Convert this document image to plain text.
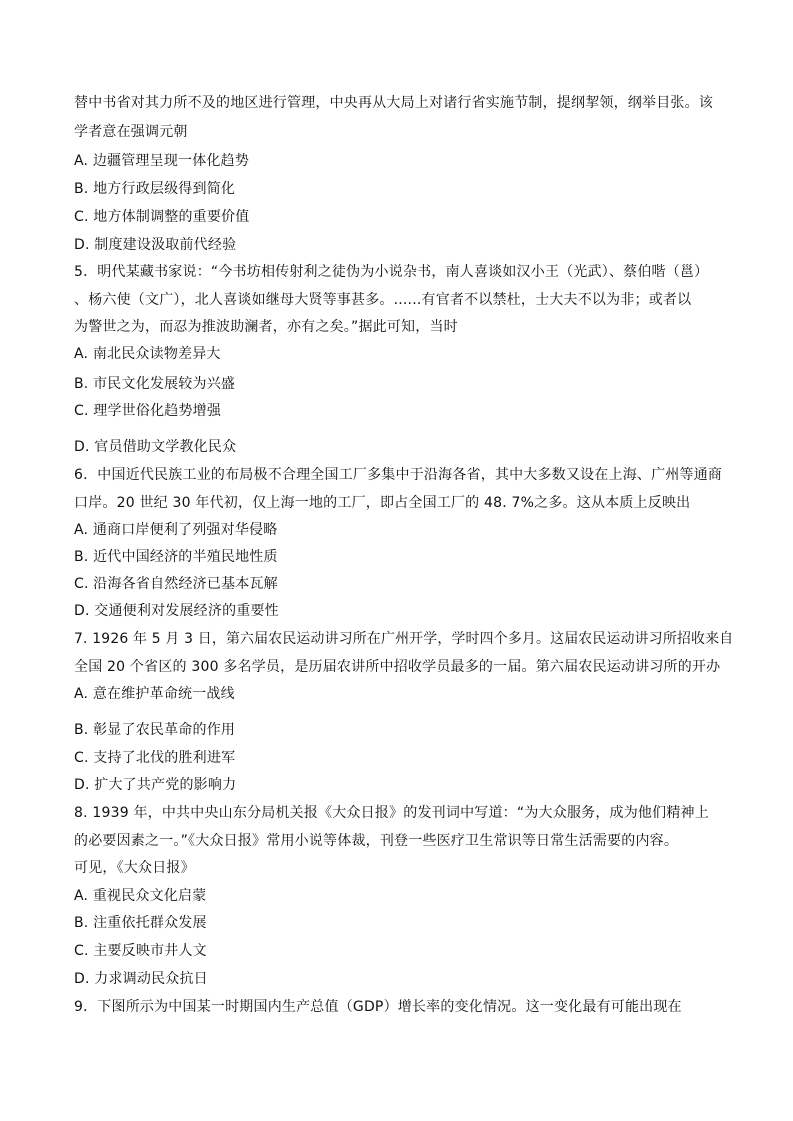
替中书省对其力所不及的地区进行管理，中央再从大局上对诸行省实施节制，提纲挈领，纲举目张。该
学者意在强调元朝
A. 边疆管理呈现一体化趋势
B. 地方行政层级得到简化
C. 地方体制调整的重要价值
D. 制度建设汲取前代经验
5．明代某藏书家说：“今书坊相传射利之徒伪为小说杂书，南人喜谈如汉小王（光武）、蔡伯喈（邕）
、杨六使（文广），北人喜谈如继母大贤等事甚多。......有官者不以禁杜，士大夫不以为非；或者以
为警世之为，而忍为推波助澜者，亦有之矣。”据此可知，当时
A. 南北民众读物差异大
B. 市民文化发展较为兴盛
C. 理学世俗化趋势增强
D. 官员借助文学教化民众
6．中国近代民族工业的布局极不合理全国工厂多集中于沿海各省，其中大多数又设在上海、广州等通商
口岸。20 世纪 30 年代初，仅上海一地的工厂，即占全国工厂的 48. 7%之多。这从本质上反映出
A. 通商口岸便利了列强对华侵略
B. 近代中国经济的半殖民地性质
C. 沿海各省自然经济已基本瓦解
D. 交通便利对发展经济的重要性
7. 1926 年 5 月 3 日，第六届农民运动讲习所在广州开学，学时四个多月。这届农民运动讲习所招收来自
全国 20 个省区的 300 多名学员，是历届农讲所中招收学员最多的一届。第六届农民运动讲习所的开办
A. 意在维护革命统一战线
B. 彰显了农民革命的作用
C. 支持了北伐的胜利进军
D. 扩大了共产党的影响力
8. 1939 年，中共中央山东分局机关报《大众日报》的发刊词中写道：“为大众服务，成为他们精神上
的必要因素之一。”《大众日报》常用小说等体裁，刊登一些医疗卫生常识等日常生活需要的内容。
可见，《大众日报》
A. 重视民众文化启蒙
B. 注重依托群众发展
C. 主要反映市井人文
D. 力求调动民众抗日
9．下图所示为中国某一时期国内生产总值（GDP）增长率的变化情况。这一变化最有可能出现在
